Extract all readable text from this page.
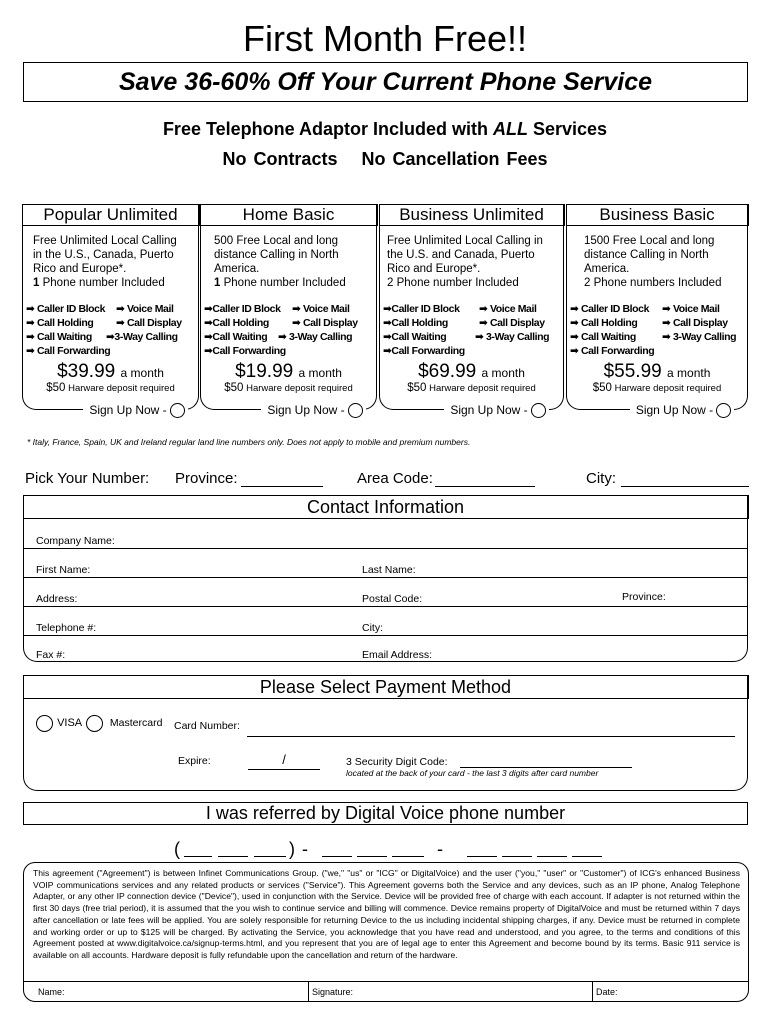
First Month Free!!
Save 36-60% Off Your Current Phone Service
Free Telephone Adaptor Included with ALL Services
No Contracts No Cancellation Fees
Popular Unlimited
Free Unlimited Local Calling in the U.S., Canada, Puerto Rico and Europe*.
1 Phone number Included
➡ Caller ID Block	➡ Voice Mail
➡ Call Holding	➡ Call Display
➡ Call Waiting	➡3-Way Calling
➡ Call Forwarding
$39.99 a month
$50 Harware deposit required
Sign Up Now -
Home Basic
500 Free Local and long distance Calling in North America.
1 Phone number Included
➡Caller ID Block	➡ Voice Mail
➡Call Holding	➡ Call Display
➡Call Waiting	➡ 3-Way Calling
➡Call Forwarding
$19.99 a month
$50 Harware deposit required
Sign Up Now -
Business Unlimited
Free Unlimited Local Calling in the U.S. and Canada, Puerto Rico and Europe*.
2 Phone number Included
➡Caller ID Block	➡ Voice Mail
➡Call Holding	➡ Call Display
➡Call Waiting	➡ 3-Way Calling
➡Call Forwarding
$69.99 a month
$50 Harware deposit required
Sign Up Now -
Business Basic
1500 Free Local and long distance Calling in North America.
2 Phone numbers Included
➡ Caller ID Block	➡ Voice Mail
➡ Call Holding	➡ Call Display
➡ Call Waiting	➡ 3-Way Calling
➡ Call Forwarding
$55.99 a month
$50 Harware deposit required
Sign Up Now -
* Italy, France, Spain, UK and Ireland regular land line numbers only. Does not apply to mobile and premium numbers.
Pick Your Number: Province:	Area Code:	City:
Contact Information
Company Name:
First Name:	Last Name:
Address:	Postal Code:	Province:
Telephone #:	City:
Fax #:	Email Address:
Please Select Payment Method
VISA	Mastercard Card Number:
Expire:	/	3 Security Digit Code:
located at the back of your card - the last 3 digits after card number
I was referred by Digital Voice phone number
(	) -	-
This agreement ("Agreement") is between Infinet Communications Group. ("we," "us" or "ICG" or DigitalVoice) and the user ("you," "user" or "Customer") of ICG's enhanced Business VOIP communications services and any related products or services ("Service"). This Agreement governs both the Service and any devices, such as an IP phone, Analog Telephone Adapter, or any other IP connection device ("Device"), used in conjunction with the Service. Device will be provided free of charge with each account. If adapter is not returned within the first 30 days (free trial period), it is assumed that the you wish to continue service and billing will commence. Device remains property of DigitalVoice and must be returned within 7 days after cancellation or late fees will be applied. You are solely responsible for returning Device to the us including incidental shipping charges, if any. Device must be returned in complete and working order or up to $125 will be charged. By activating the Service, you acknowledge that you have read and understood, and you agree, to the terms and conditions of this Agreement posted at www.digitalvoice.ca/signup-terms.html, and you represent that you are of legal age to enter this Agreement and become bound by its terms. Basic 911 service is available on all accounts. Hardware deposit is fully refundable upon the cancellation and return of the hardware.
Name:	Signature:	Date:
